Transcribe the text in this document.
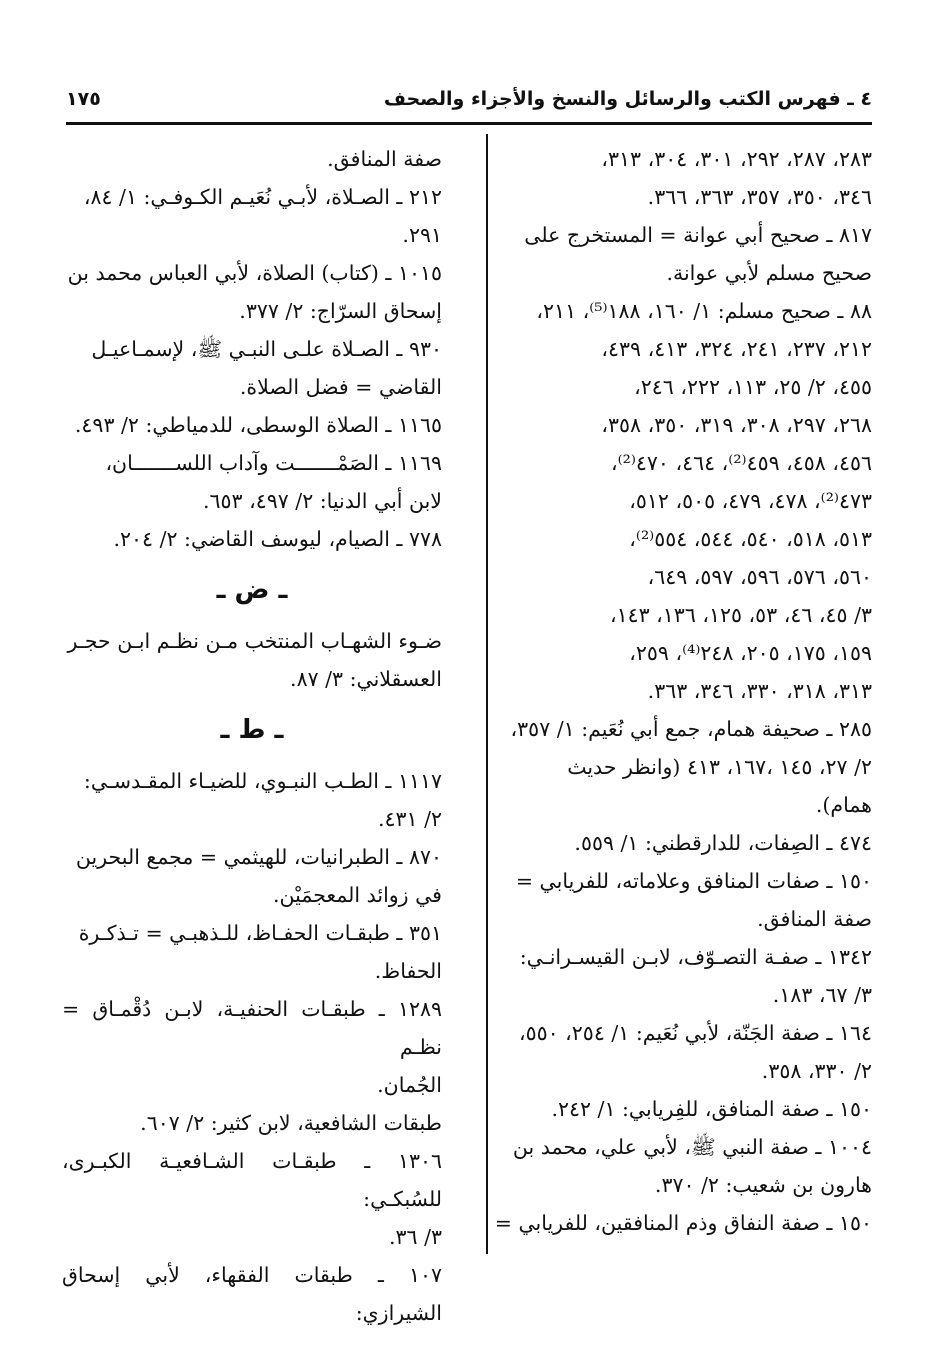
٤ ـ فهرس الكتب والرسائل والنسخ والأجزاء والصحف
١٧٥

٢٨٣، ٢٨٧، ٢٩٢، ٣٠١، ٣٠٤، ٣١٣،
٣٤٦، ٣٥٠، ٣٥٧، ٣٦٣، ٣٦٦.

٨١٧ ـ صحيح أبي عوانة = المستخرج على
صحيح مسلم لأبي عوانة.

٨٨ ـ صحيح مسلم: ١/ ١٦٠، ١٨٨⁽⁵⁾، ٢١١،
٢١٢، ٢٣٧، ٢٤١، ٣٢٤، ٤١٣، ٤٣٩،
٤٥٥، ٢/ ٢٥، ١١٣، ٢٢٢، ٢٤٦،
٢٦٨، ٢٩٧، ٣٠٨، ٣١٩، ٣٥٠، ٣٥٨،
٤٥٦، ٤٥٨، ٤٥٩⁽²⁾، ٤٦٤، ٤٧٠⁽²⁾،
٤٧٣⁽²⁾، ٤٧٨، ٤٧٩، ٥٠٥، ٥١٢،
٥١٣، ٥١٨، ٥٤٠، ٥٤٤، ٥٥٤⁽²⁾،
٥٦٠، ٥٧٦، ٥٩٦، ٥٩٧، ٦٤٩،
٣/ ٤٥، ٤٦، ٥٣، ١٢٥، ١٣٦، ١٤٣،
١٥٩، ١٧٥، ٢٠٥، ٢٤٨⁽⁴⁾، ٢٥٩،
٣١٣، ٣١٨، ٣٣٠، ٣٤٦، ٣٦٣.

٢٨٥ ـ صحيفة همام، جمع أبي نُعَيم: ١/ ٣٥٧،
٢/ ٢٧، ١٤٥ ،١٦٧، ٤١٣ (وانظر حديث
همام).

٤٧٤ ـ الصِفات، للدارقطني: ١/ ٥٥٩.

١٥٠ ـ صفات المنافق وعلاماته، للفريابي =
صفة المنافق.

١٣٤٢ ـ صفـة التصـوّف، لابـن القيسـرانـي:
٣/ ٦٧، ١٨٣.

١٦٤ ـ صفة الجَنّة، لأبي نُعَيم: ١/ ٢٥٤، ٥٥٠،
٢/ ٣٣٠، ٣٥٨.

١٥٠ ـ صفة المنافق، للفِريابي: ١/ ٢٤٢.

١٠٠٤ ـ صفة النبي ﷺ، لأبي علي، محمد بن
هارون بن شعيب: ٢/ ٣٧٠.

١٥٠ ـ صفة النفاق وذم المنافقين، للفريابي =

صفة المنافق.

٢١٢ ـ الصـلاة، لأبـي نُعَيـم الكـوفـي: ١/ ٨٤،
٢٩١.

١٠١٥ ـ (كتاب) الصلاة، لأبي العباس محمد بن
إسحاق السرّاج: ٢/ ٣٧٧.

٩٣٠ ـ الصـلاة علـى النبـي ﷺ، لإسمـاعيـل
القاضي = فضل الصلاة.

١١٦٥ ـ الصلاة الوسطى، للدمياطي: ٢/ ٤٩٣.

١١٦٩ ـ الصَمْـــــــت وآداب اللســـــــان،
لابن أبي الدنيا: ٢/ ٤٩٧، ٦٥٣.

٧٧٨ ـ الصيام، ليوسف القاضي: ٢/ ٢٠٤.

ـ ض ـ

ضـوء الشهـاب المنتخب مـن نظـم ابـن حجـر
العسقلاني: ٣/ ٨٧.

ـ ط ـ

١١١٧ ـ الطـب النبـوي، للضيـاء المقـدسـي:
٢/ ٤٣١.

٨٧٠ ـ الطبرانيات، للهيثمي = مجمع البحرين
في زوائد المعجمَيْن.

٣٥١ ـ طبقـات الحفـاظ، للـذهبـي = تـذكـرة
الحفاظ.

١٢٨٩ ـ طبقـات الحنفيـة، لابـن دُقْمـاق = نظـم
الجُمان.

طبقات الشافعية، لابن كثير: ٢/ ٦٠٧.

١٣٠٦ ـ طبقـات الشـافعيـة الكبـرى، للسُبكـي:
٣/ ٣٦.

١٠٧ ـ طبقات الفقهاء، لأبي إسحاق الشيرازي:
